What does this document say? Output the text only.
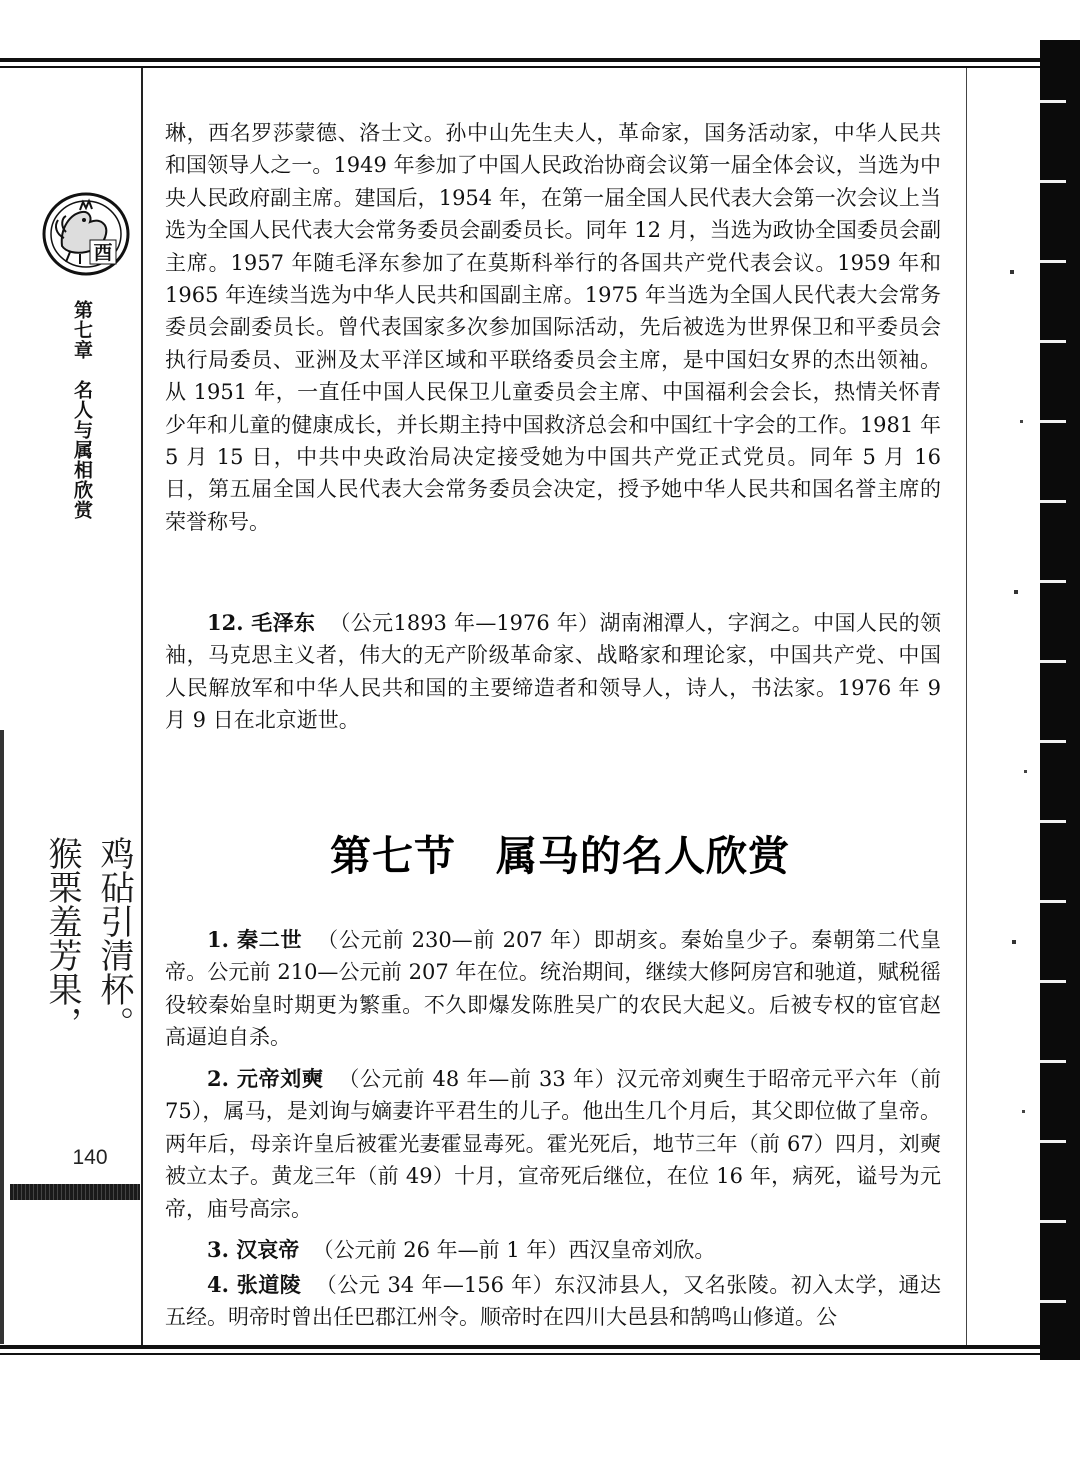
酉
第七章名人与属相欣赏
鸡砧引清杯。
猴栗羞芳果，
140

琳，西名罗莎蒙德、洛士文。孙中山先生夫人，革命家，国务活动家，中华人民共和国领导人之一。1949 年参加了中国人民政治协商会议第一届全体会议，当选为中央人民政府副主席。建国后，1954 年，在第一届全国人民代表大会第一次会议上当选为全国人民代表大会常务委员会副委员长。同年 12 月，当选为政协全国委员会副主席。1957 年随毛泽东参加了在莫斯科举行的各国共产党代表会议。1959 年和1965 年连续当选为中华人民共和国副主席。1975 年当选为全国人民代表大会常务委员会副委员长。曾代表国家多次参加国际活动，先后被选为世界保卫和平委员会执行局委员、亚洲及太平洋区域和平联络委员会主席，是中国妇女界的杰出领袖。从 1951 年，一直任中国人民保卫儿童委员会主席、中国福利会会长，热情关怀青少年和儿童的健康成长，并长期主持中国救济总会和中国红十字会的工作。1981 年 5 月 15 日，中共中央政治局决定接受她为中国共产党正式党员。同年 5 月 16 日，第五届全国人民代表大会常务委员会决定，授予她中华人民共和国名誉主席的荣誉称号。

12. 毛泽东 （公元1893 年—1976 年）湖南湘潭人，字润之。中国人民的领袖，马克思主义者，伟大的无产阶级革命家、战略家和理论家，中国共产党、中国人民解放军和中华人民共和国的主要缔造者和领导人，诗人，书法家。1976 年 9 月 9 日在北京逝世。

第七节 属马的名人欣赏

1. 秦二世 （公元前 230—前 207 年）即胡亥。秦始皇少子。秦朝第二代皇帝。公元前 210—公元前 207 年在位。统治期间，继续大修阿房宫和驰道，赋税徭役较秦始皇时期更为繁重。不久即爆发陈胜吴广的农民大起义。后被专权的宦官赵高逼迫自杀。

2. 元帝刘奭 （公元前 48 年—前 33 年）汉元帝刘奭生于昭帝元平六年（前 75），属马，是刘询与嫡妻许平君生的儿子。他出生几个月后，其父即位做了皇帝。两年后，母亲许皇后被霍光妻霍显毒死。霍光死后，地节三年（前 67）四月，刘奭被立太子。黄龙三年（前 49）十月，宣帝死后继位，在位 16 年，病死，谥号为元帝，庙号高宗。

3. 汉哀帝 （公元前 26 年—前 1 年）西汉皇帝刘欣。

4. 张道陵 （公元 34 年—156 年）东汉沛县人，又名张陵。初入太学，通达五经。明帝时曾出任巴郡江州令。顺帝时在四川大邑县和鹄鸣山修道。公
